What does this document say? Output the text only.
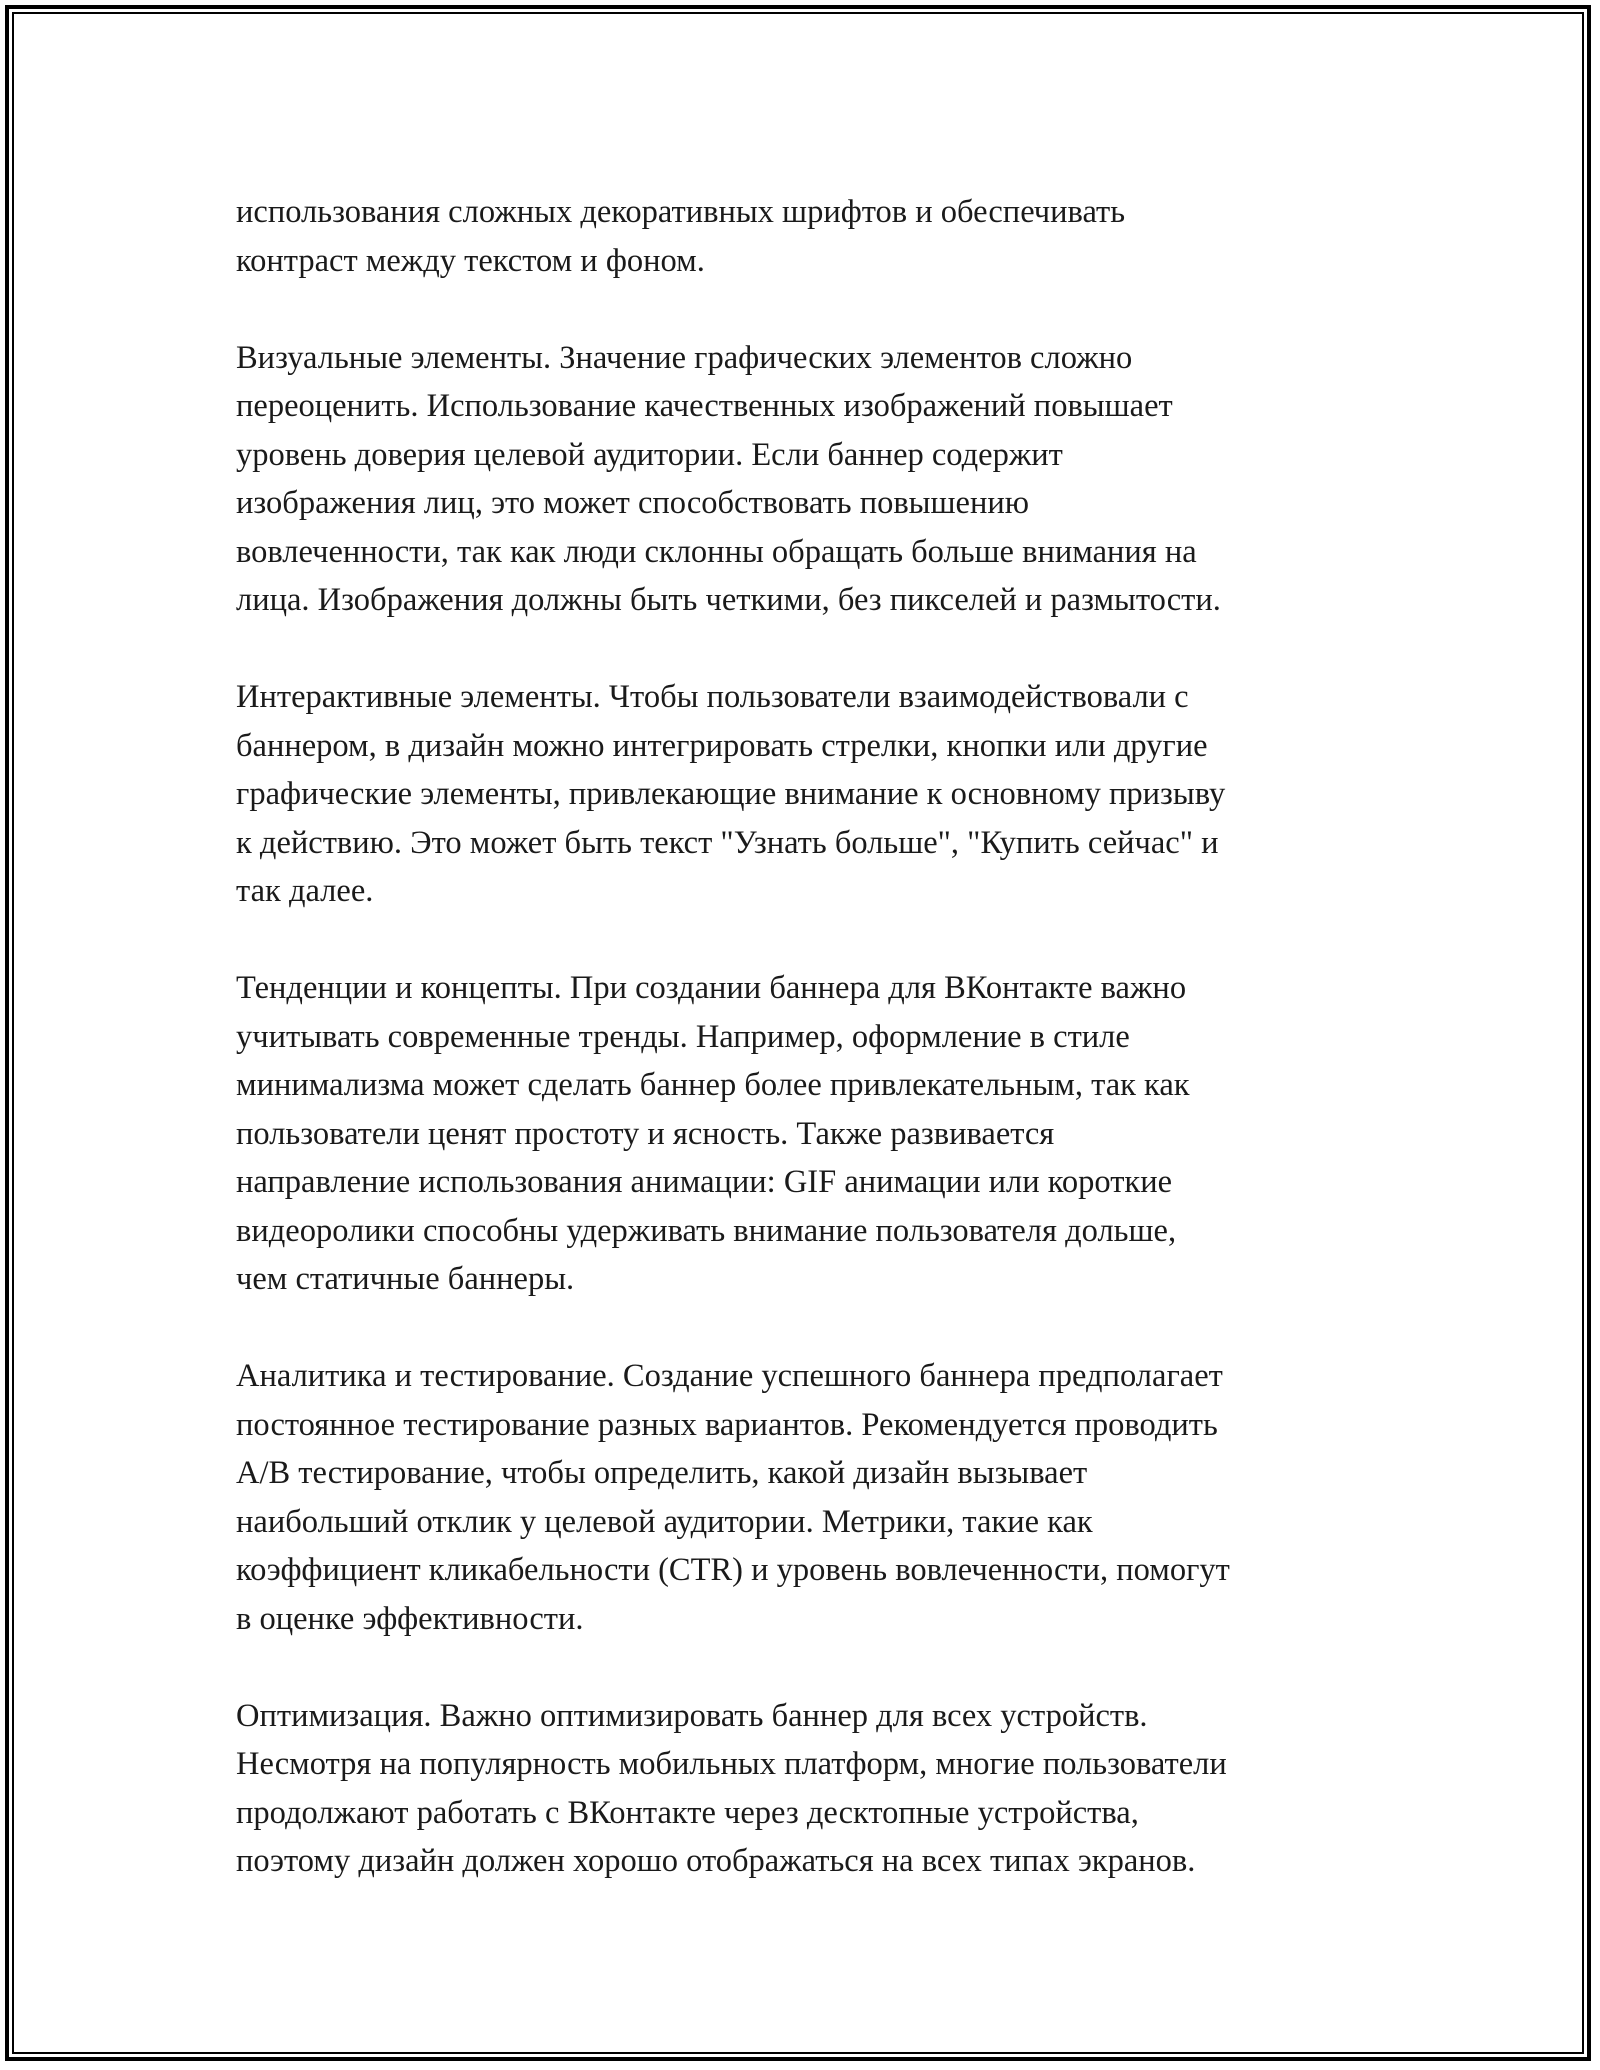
использования сложных декоративных шрифтов и обеспечивать
контраст между текстом и фоном.

Визуальные элементы. Значение графических элементов сложно
переоценить. Использование качественных изображений повышает
уровень доверия целевой аудитории. Если баннер содержит
изображения лиц, это может способствовать повышению
вовлеченности, так как люди склонны обращать больше внимания на
лица. Изображения должны быть четкими, без пикселей и размытости.

Интерактивные элементы. Чтобы пользователи взаимодействовали с
баннером, в дизайн можно интегрировать стрелки, кнопки или другие
графические элементы, привлекающие внимание к основному призыву
к действию. Это может быть текст "Узнать больше", "Купить сейчас" и
так далее.

Тенденции и концепты. При создании баннера для ВКонтакте важно
учитывать современные тренды. Например, оформление в стиле
минимализма может сделать баннер более привлекательным, так как
пользователи ценят простоту и ясность. Также развивается
направление использования анимации: GIF анимации или короткие
видеоролики способны удерживать внимание пользователя дольше,
чем статичные баннеры.

Аналитика и тестирование. Создание успешного баннера предполагает
постоянное тестирование разных вариантов. Рекомендуется проводить
A/B тестирование, чтобы определить, какой дизайн вызывает
наибольший отклик у целевой аудитории. Метрики, такие как
коэффициент кликабельности (CTR) и уровень вовлеченности, помогут
в оценке эффективности.

Оптимизация. Важно оптимизировать баннер для всех устройств.
Несмотря на популярность мобильных платформ, многие пользователи
продолжают работать с ВКонтакте через десктопные устройства,
поэтому дизайн должен хорошо отображаться на всех типах экранов.
